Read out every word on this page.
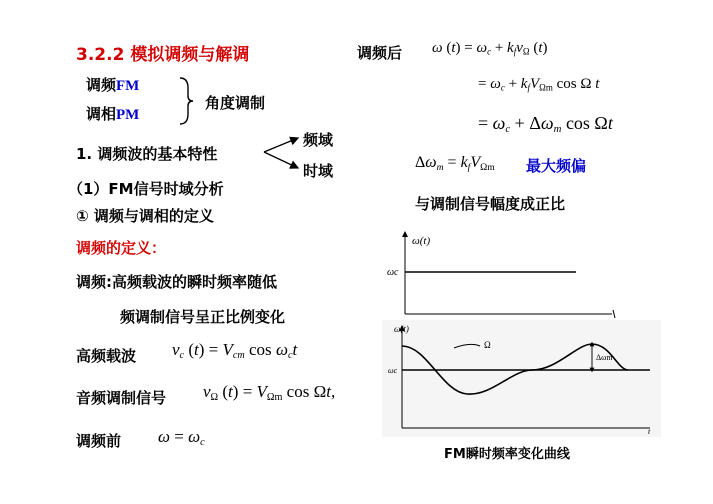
3.2.2 模拟调频与解调
调频FM
调相PM
角度调制
1. 调频波的基本特性
频域
时域
（1）FM信号时域分析
① 调频与调相的定义
调频的定义：
调频:高频载波的瞬时频率随低
频调制信号呈正比例变化
高频载波 $v_c$ $(t) = V_{cm}$ $\cos \omega_ct$
音频调制信号 $v_\Omega$ $(t) = V_{\Omega m}$ cos Ωt,
调频前 $\omega = \omega_c$
调频后 ω $(t) = \omega_c + k_fv_\Omega$ (t)
= $\omega_c + k_fV_{\Omega m}$ cos Ω t
= $\omega_c + \Delta\omega_m$ cos Ωt
$\Delta\omega_m = k_fV_{\Omega m}$ 最大频偏
与调制信号幅度成正比
ω(t)
ωc
ω(t)
ωc
Ω
Δωm
t
FM瞬时频率变化曲线
